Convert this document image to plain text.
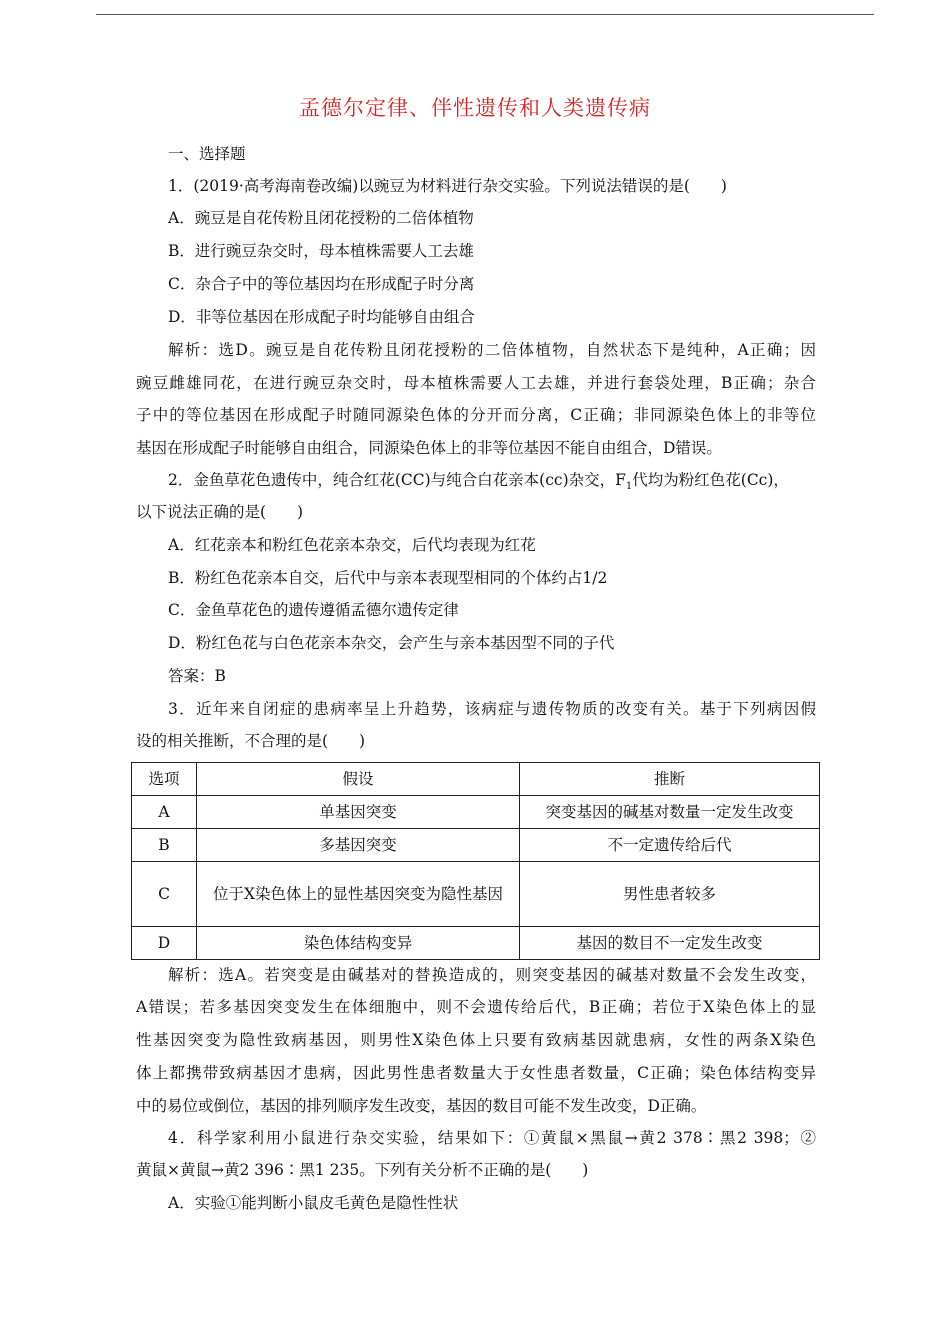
孟德尔定律、伴性遗传和人类遗传病
一、选择题
1．(2019·高考海南卷改编)以豌豆为材料进行杂交实验。下列说法错误的是(　　)
A．豌豆是自花传粉且闭花授粉的二倍体植物
B．进行豌豆杂交时，母本植株需要人工去雄
C．杂合子中的等位基因均在形成配子时分离
D．非等位基因在形成配子时均能够自由组合
解析：选D。豌豆是自花传粉且闭花授粉的二倍体植物，自然状态下是纯种，A正确；因
豌豆雌雄同花，在进行豌豆杂交时，母本植株需要人工去雄，并进行套袋处理，B正确；杂合
子中的等位基因在形成配子时随同源染色体的分开而分离，C正确；非同源染色体上的非等位
基因在形成配子时能够自由组合，同源染色体上的非等位基因不能自由组合，D错误。
2．金鱼草花色遗传中，纯合红花(CC)与纯合白花亲本(cc)杂交，$F_1$代均为粉红色花(Cc)，
以下说法正确的是(　　)
A．红花亲本和粉红色花亲本杂交，后代均表现为红花
B．粉红色花亲本自交，后代中与亲本表现型相同的个体约占1/2
C．金鱼草花色的遗传遵循孟德尔遗传定律
D．粉红色花与白色花亲本杂交，会产生与亲本基因型不同的子代
答案：B
3．近年来自闭症的患病率呈上升趋势，该病症与遗传物质的改变有关。基于下列病因假
设的相关推断，不合理的是(　　)
选项	假设	推断
A	单基因突变	突变基因的碱基对数量一定发生改变
B	多基因突变	不一定遗传给后代
C	位于X染色体上的显性基因突变为隐性基因	男性患者较多
D	染色体结构变异	基因的数目不一定发生改变
解析：选A。若突变是由碱基对的替换造成的，则突变基因的碱基对数量不会发生改变，
A错误；若多基因突变发生在体细胞中，则不会遗传给后代，B正确；若位于X染色体上的显
性基因突变为隐性致病基因，则男性X染色体上只要有致病基因就患病，女性的两条X染色
体上都携带致病基因才患病，因此男性患者数量大于女性患者数量，C正确；染色体结构变异
中的易位或倒位，基因的排列顺序发生改变，基因的数目可能不发生改变，D正确。
4．科学家利用小鼠进行杂交实验，结果如下：①黄鼠×黑鼠→黄2 378∶黑2 398；②
黄鼠×黄鼠→黄2 396∶黑1 235。下列有关分析不正确的是(　　)
A．实验①能判断小鼠皮毛黄色是隐性性状
